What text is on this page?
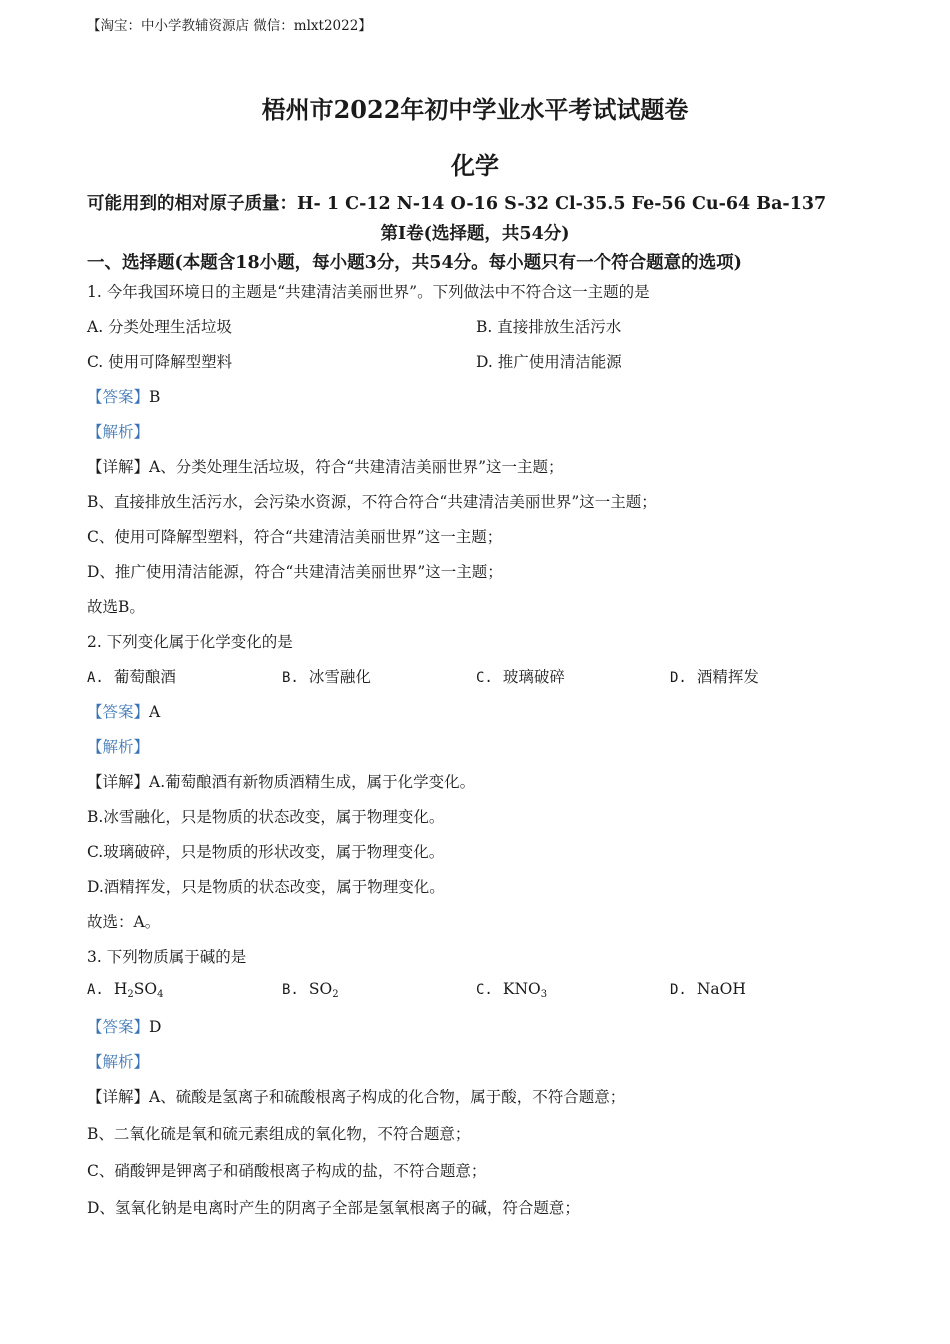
【淘宝：中小学教辅资源店 微信：mlxt2022】
梧州市2022年初中学业水平考试试题卷
化学
可能用到的相对原子质量：H- 1 C-12 N-14 O-16 S-32 Cl-35.5 Fe-56 Cu-64 Ba-137
第Ⅰ卷(选择题，共54分)
一、选择题(本题含18小题，每小题3分，共54分。每小题只有一个符合题意的选项)
1. 今年我国环境日的主题是“共建清洁美丽世界”。下列做法中不符合这一主题的是
A. 分类处理生活垃圾	B. 直接排放生活污水
C. 使用可降解型塑料	D. 推广使用清洁能源
【答案】B
【解析】
【详解】A、分类处理生活垃圾，符合“共建清洁美丽世界”这一主题；
B、直接排放生活污水，会污染水资源，不符合符合“共建清洁美丽世界”这一主题；
C、使用可降解型塑料，符合“共建清洁美丽世界”这一主题；
D、推广使用清洁能源，符合“共建清洁美丽世界”这一主题；
故选B。
2. 下列变化属于化学变化的是
A. 葡萄酿酒	B. 冰雪融化	C. 玻璃破碎	D. 酒精挥发
【答案】A
【解析】
【详解】A.葡萄酿酒有新物质酒精生成，属于化学变化。
B.冰雪融化，只是物质的状态改变，属于物理变化。
C.玻璃破碎，只是物质的形状改变，属于物理变化。
D.酒精挥发，只是物质的状态改变，属于物理变化。
故选：A。
3. 下列物质属于碱的是
A. $H_2SO_4$	B. $SO_2$	C. $KNO_3$	D. NaOH
【答案】D
【解析】
【详解】A、硫酸是氢离子和硫酸根离子构成的化合物，属于酸，不符合题意；
B、二氧化硫是氧和硫元素组成的氧化物，不符合题意；
C、硝酸钾是钾离子和硝酸根离子构成的盐，不符合题意；
D、氢氧化钠是电离时产生的阴离子全部是氢氧根离子的碱，符合题意；
